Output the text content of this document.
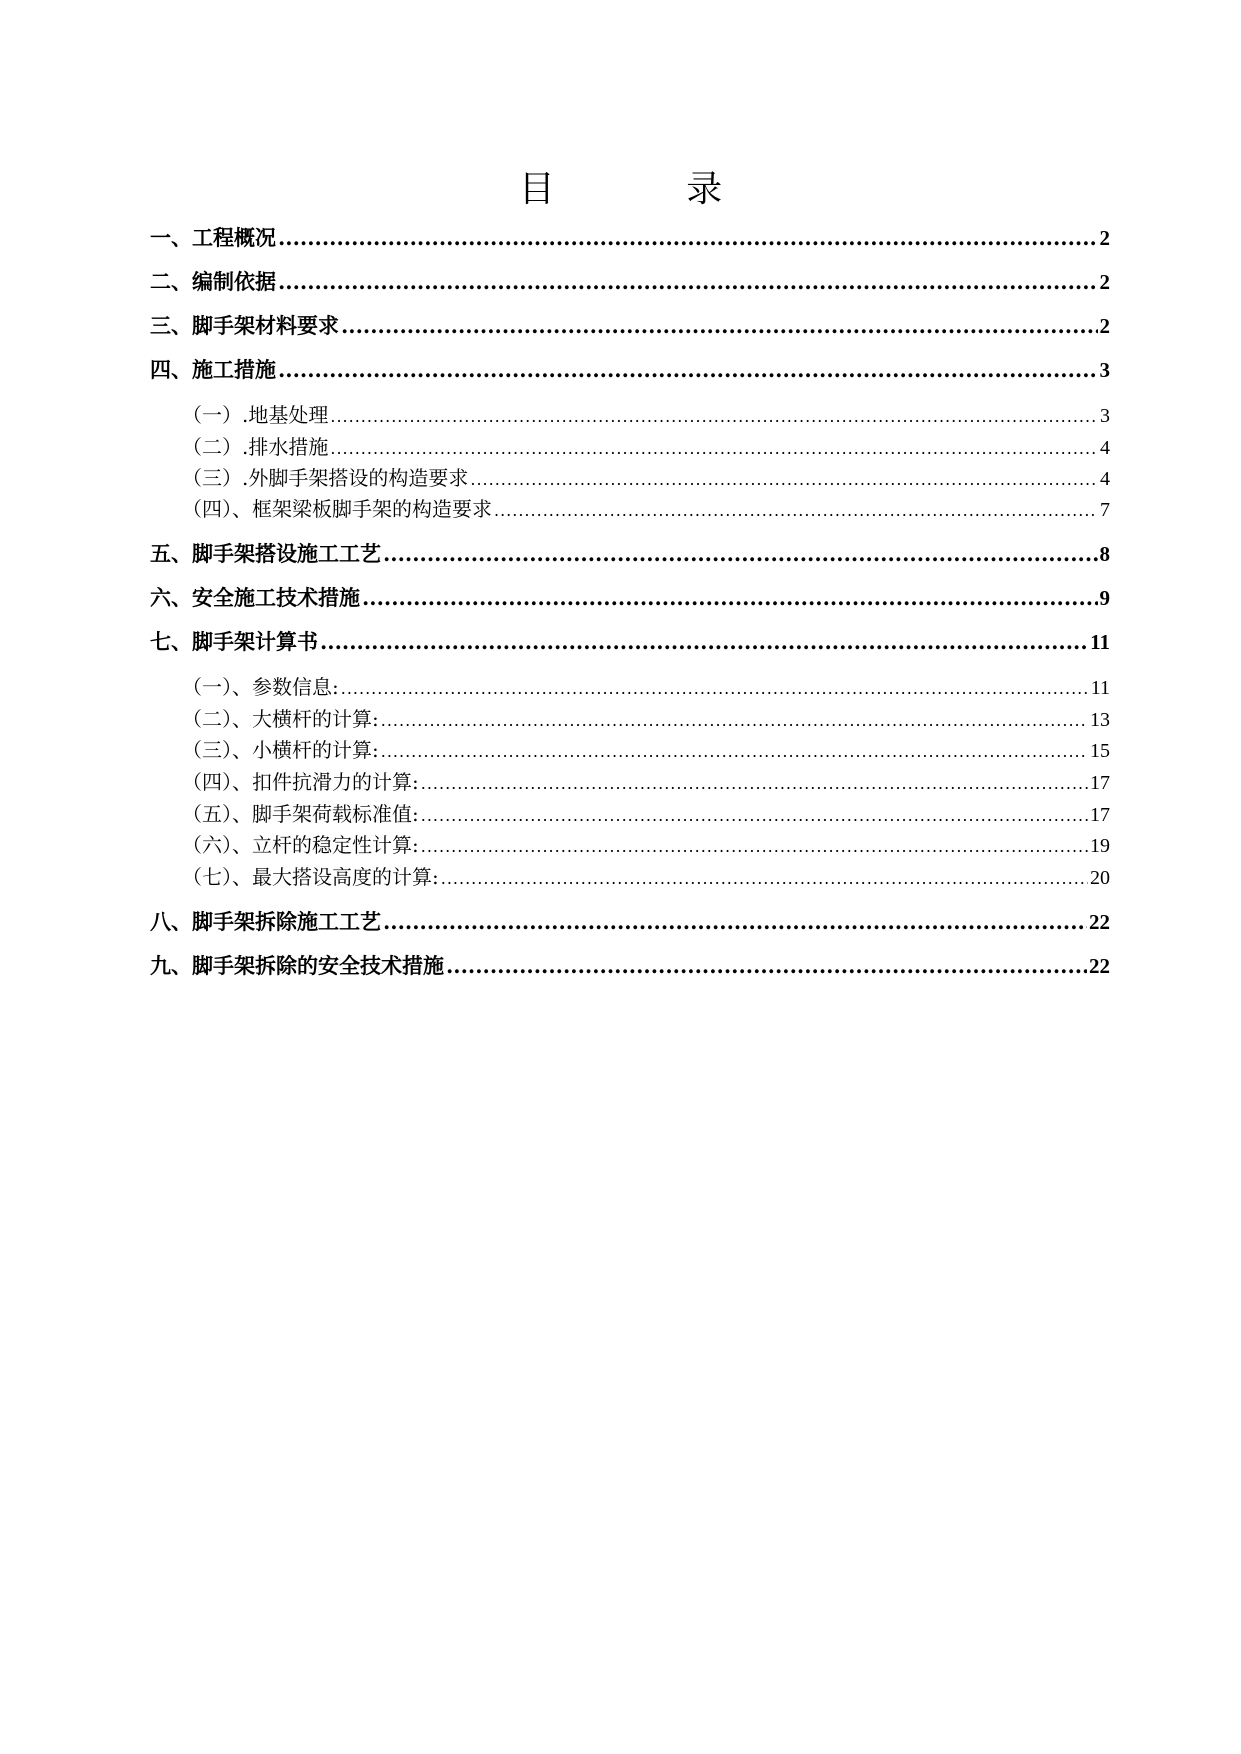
目 录
一、工程概况 .....	2
二、编制依据 .....	2
三、脚手架材料要求 .....	2
四、施工措施 .....	3
（一）.地基处理 .....	3
（二）.排水措施 .....	4
（三）.外脚手架搭设的构造要求 .....	4
（四）、框架梁板脚手架的构造要求 .....	7
五、脚手架搭设施工工艺 .....	8
六、安全施工技术措施 .....	9
七、脚手架计算书 .....	11
（一）、参数信息: .....	11
（二）、大横杆的计算: .....	13
（三）、小横杆的计算: .....	15
（四）、扣件抗滑力的计算: .....	17
（五）、脚手架荷载标准值: .....	17
（六）、立杆的稳定性计算: .....	19
（七）、最大搭设高度的计算: .....	20
八、脚手架拆除施工工艺 .....	22
九、脚手架拆除的安全技术措施 .....	22
